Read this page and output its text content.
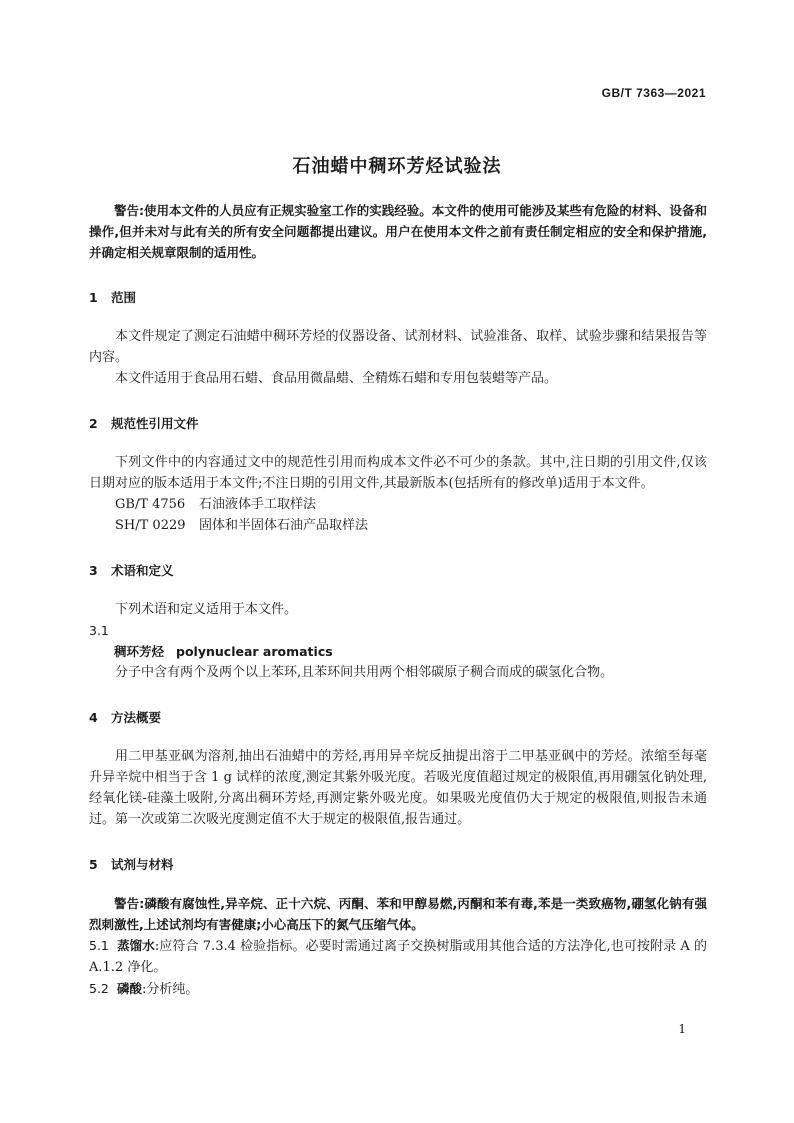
GB/T 7363—2021
石油蜡中稠环芳烃试验法

警告:使用本文件的人员应有正规实验室工作的实践经验。本文件的使用可能涉及某些有危险的材料、设备和操作,但并未对与此有关的所有安全问题都提出建议。用户在使用本文件之前有责任制定相应的安全和保护措施,并确定相关规章限制的适用性。

1 范围

本文件规定了测定石油蜡中稠环芳烃的仪器设备、试剂材料、试验准备、取样、试验步骤和结果报告等内容。

本文件适用于食品用石蜡、食品用微晶蜡、全精炼石蜡和专用包装蜡等产品。

2 规范性引用文件

下列文件中的内容通过文中的规范性引用而构成本文件必不可少的条款。其中,注日期的引用文件,仅该日期对应的版本适用于本文件;不注日期的引用文件,其最新版本(包括所有的修改单)适用于本文件。

GB/T 4756 石油液体手工取样法

SH/T 0229 固体和半固体石油产品取样法

3 术语和定义

下列术语和定义适用于本文件。

3.1

稠环芳烃 polynuclear aromatics

分子中含有两个及两个以上苯环,且苯环间共用两个相邻碳原子稠合而成的碳氢化合物。

4 方法概要

用二甲基亚砜为溶剂,抽出石油蜡中的芳烃,再用异辛烷反抽提出溶于二甲基亚砜中的芳烃。浓缩至每毫升异辛烷中相当于含 1 g 试样的浓度,测定其紫外吸光度。若吸光度值超过规定的极限值,再用硼氢化钠处理,经氧化镁-硅藻土吸附,分离出稠环芳烃,再测定紫外吸光度。如果吸光度值仍大于规定的极限值,则报告未通过。第一次或第二次吸光度测定值不大于规定的极限值,报告通过。

5 试剂与材料

警告:磷酸有腐蚀性,异辛烷、正十六烷、丙酮、苯和甲醇易燃,丙酮和苯有毒,苯是一类致癌物,硼氢化钠有强烈刺激性,上述试剂均有害健康;小心高压下的氮气压缩气体。

5.1 蒸馏水:应符合 7.3.4 检验指标。必要时需通过离子交换树脂或用其他合适的方法净化,也可按附录 A 的 A.1.2 净化。

5.2 磷酸:分析纯。

1
